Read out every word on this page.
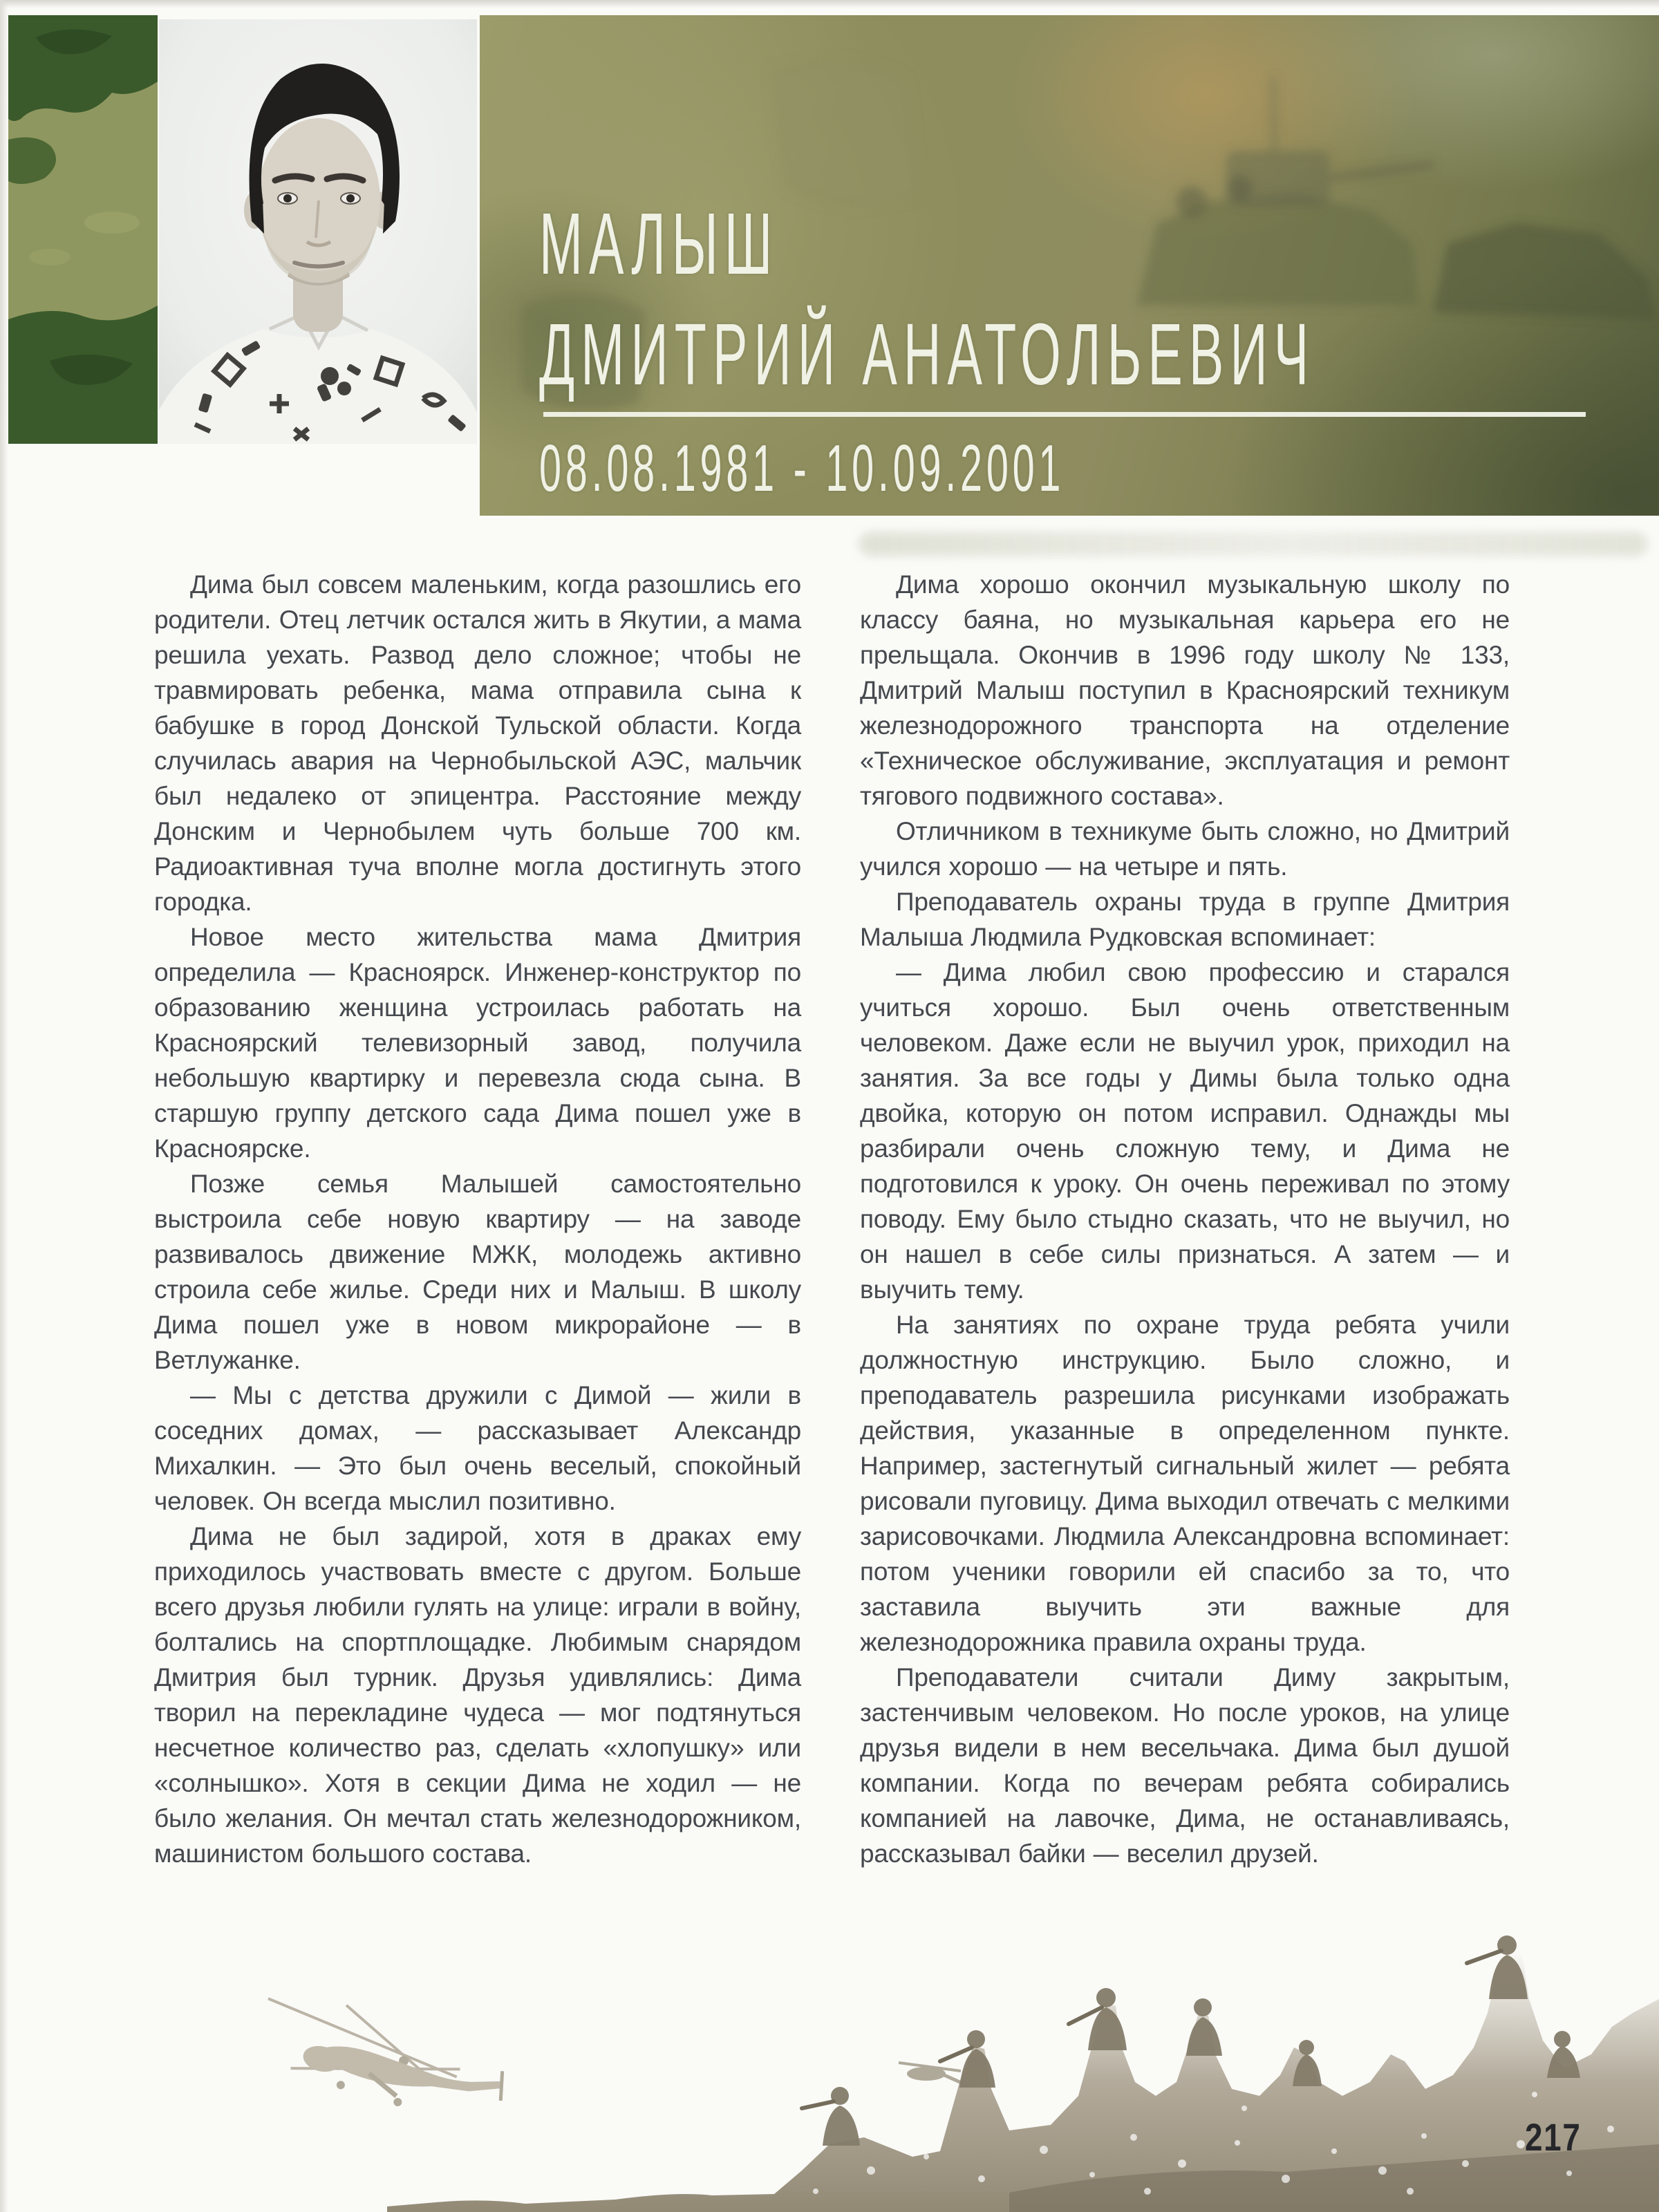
МАЛЫШ
ДМИТРИЙ АНАТОЛЬЕВИЧ
08.08.1981 - 10.09.2001

Дима был совсем маленьким, когда разошлись его родители. Отец летчик остался жить в Якутии, а мама решила уехать. Развод дело сложное; чтобы не травмировать ребенка, мама отправила сына к бабушке в город Донской Тульской области. Когда случилась авария на Чернобыльской АЭС, мальчик был недалеко от эпицентра. Расстояние между Донским и Чернобылем чуть больше 700 км. Радиоактивная туча вполне могла достигнуть этого городка.

Новое место жительства мама Дмитрия определила — Красноярск. Инженер-конструктор по образованию женщина устроилась работать на Красноярский телевизорный завод, получила небольшую квартирку и перевезла сюда сына. В старшую группу детского сада Дима пошел уже в Красноярске.

Позже семья Малышей самостоятельно выстроила себе новую квартиру — на заводе развивалось движение МЖК, молодежь активно строила себе жилье. Среди них и Малыш. В школу Дима пошел уже в новом микрорайоне — в Ветлужанке.

— Мы с детства дружили с Димой — жили в соседних домах, — рассказывает Александр Михалкин. — Это был очень веселый, спокойный человек. Он всегда мыслил позитивно.

Дима не был задирой, хотя в драках ему приходилось участвовать вместе с другом. Больше всего друзья любили гулять на улице: играли в войну, болтались на спортплощадке. Любимым снарядом Дмитрия был турник. Друзья удивлялись: Дима творил на перекладине чудеса — мог подтянуться несчетное количество раз, сделать «хлопушку» или «солнышко». Хотя в секции Дима не ходил — не было желания. Он мечтал стать железнодорожником, машинистом большого состава.

Дима хорошо окончил музыкальную школу по классу баяна, но музыкальная карьера его не прельщала. Окончив в 1996 году школу № 133, Дмитрий Малыш поступил в Красноярский техникум железнодорожного транспорта на отделение «Техническое обслуживание, эксплуатация и ремонт тягового подвижного состава».

Отличником в техникуме быть сложно, но Дмитрий учился хорошо — на четыре и пять.

Преподаватель охраны труда в группе Дмитрия Малыша Людмила Рудковская вспоминает:

— Дима любил свою профессию и старался учиться хорошо. Был очень ответственным человеком. Даже если не выучил урок, приходил на занятия. За все годы у Димы была только одна двойка, которую он потом исправил. Однажды мы разбирали очень сложную тему, и Дима не подготовился к уроку. Он очень переживал по этому поводу. Ему было стыдно сказать, что не выучил, но он нашел в себе силы признаться. А затем — и выучить тему.

На занятиях по охране труда ребята учили должностную инструкцию. Было сложно, и преподаватель разрешила рисунками изображать действия, указанные в определенном пункте. Например, застегнутый сигнальный жилет — ребята рисовали пуговицу. Дима выходил отвечать с мелкими зарисовочками. Людмила Александровна вспоминает: потом ученики говорили ей спасибо за то, что заставила выучить эти важные для железнодорожника правила охраны труда.

Преподаватели считали Диму закрытым, застенчивым человеком. Но после уроков, на улице друзья видели в нем весельчака. Дима был душой компании. Когда по вечерам ребята собирались компанией на лавочке, Дима, не останавливаясь, рассказывал байки — веселил друзей.

217
